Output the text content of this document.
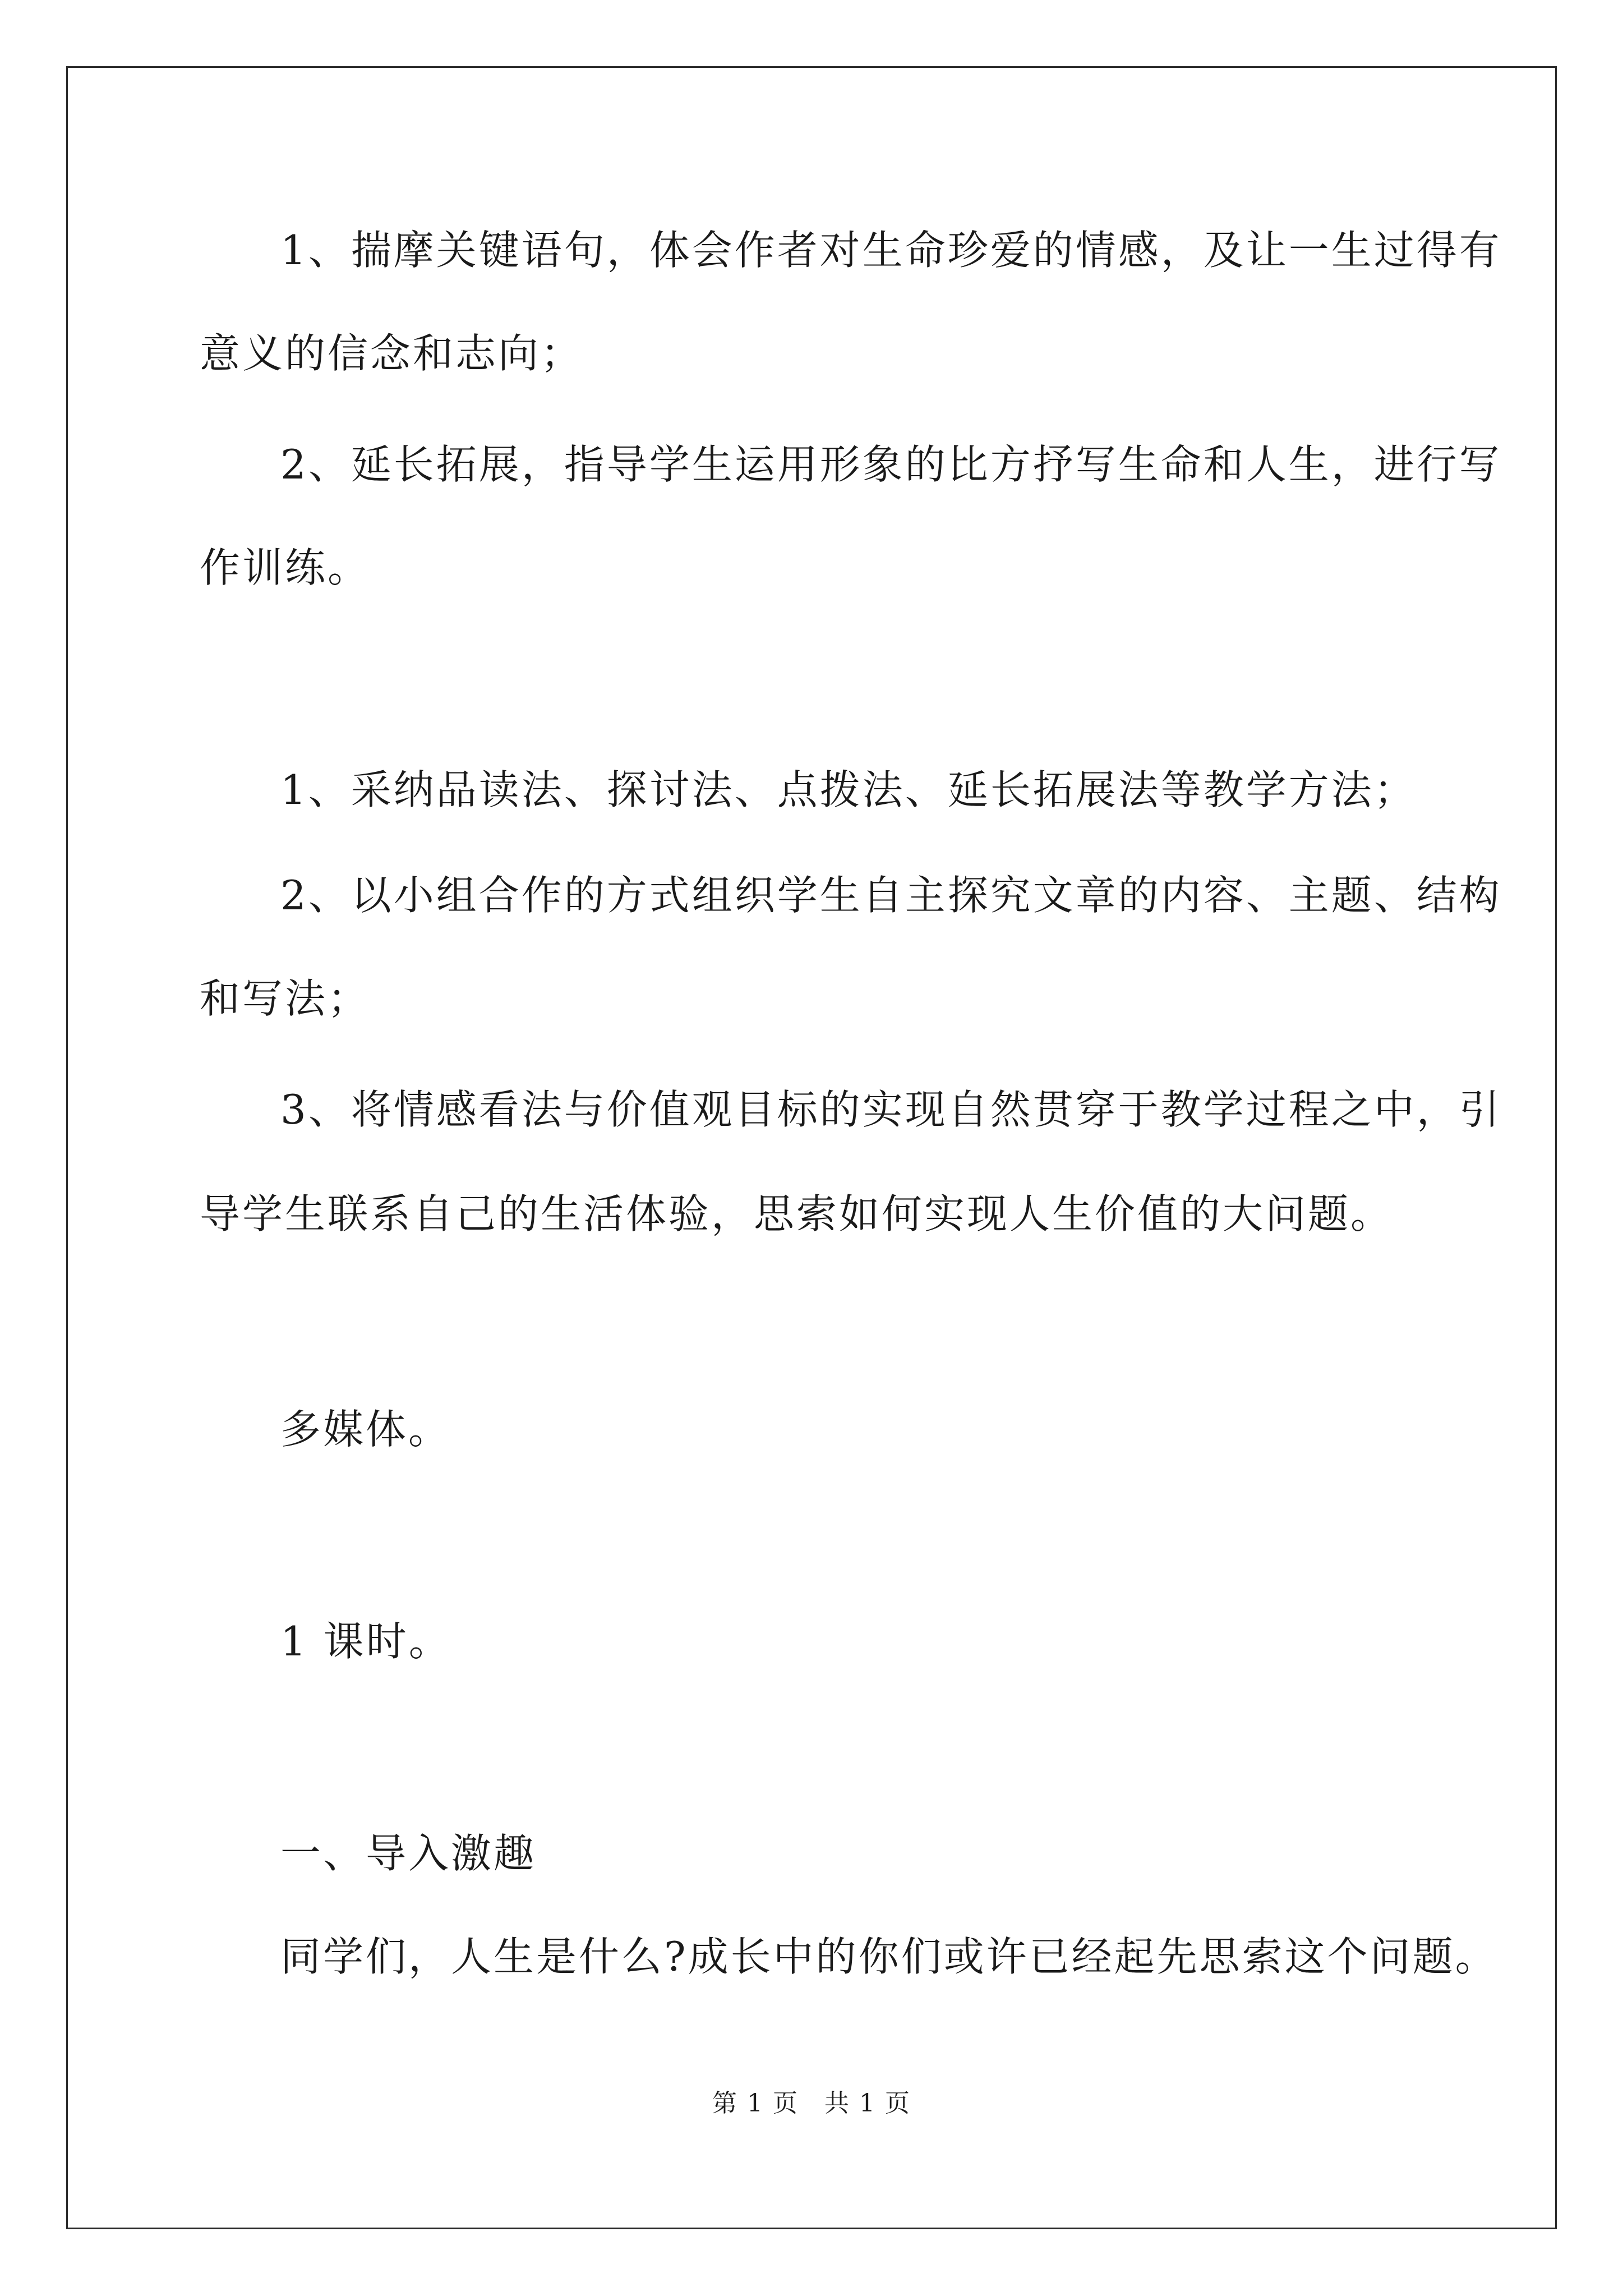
1、揣摩关键语句，体会作者对生命珍爱的情感，及让一生过得有
意义的信念和志向；
2、延长拓展，指导学生运用形象的比方抒写生命和人生，进行写
作训练。
1、采纳品读法、探讨法、点拨法、延长拓展法等教学方法；
2、以小组合作的方式组织学生自主探究文章的内容、主题、结构
和写法；
3、将情感看法与价值观目标的实现自然贯穿于教学过程之中，引
导学生联系自己的生活体验，思索如何实现人生价值的大问题。
多媒体。
1 课时。
一、导入激趣
同学们，人生是什么?成长中的你们或许已经起先思索这个问题。
第 1 页　共 1 页
